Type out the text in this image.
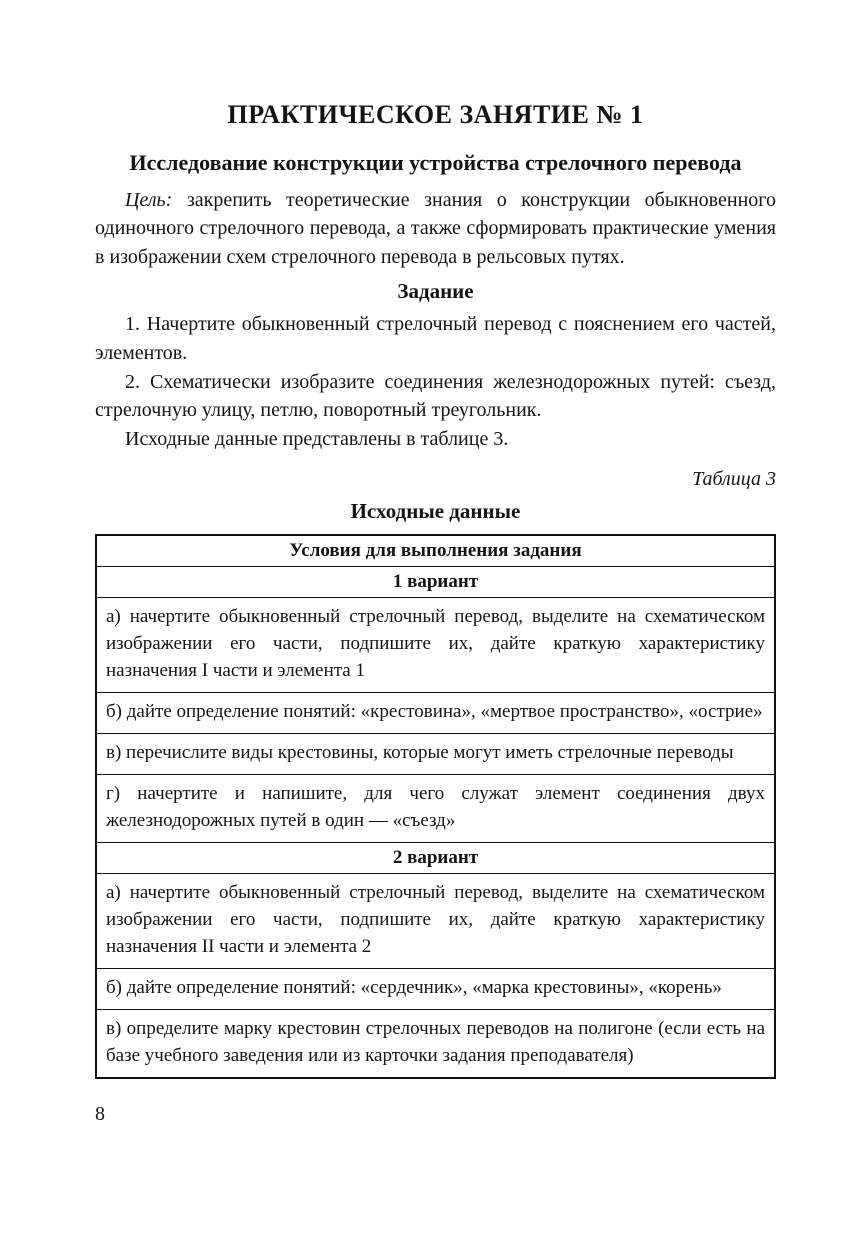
ПРАКТИЧЕСКОЕ ЗАНЯТИЕ № 1
Исследование конструкции устройства стрелочного перевода

Цель: закрепить теоретические знания о конструкции обыкновенного одиночного стрелочного перевода, а также сформировать практические умения в изображении схем стрелочного перевода в рельсовых путях.

Задание

1. Начертите обыкновенный стрелочный перевод с пояснением его частей, элементов.

2. Схематически изобразите соединения железнодорожных путей: съезд, стрелочную улицу, петлю, поворотный треугольник.

Исходные данные представлены в таблице 3.

Таблица 3

Исходные данные

Условия для выполнения задания
1 вариант
а) начертите обыкновенный стрелочный перевод, выделите на схематическом изображении его части, подпишите их, дайте краткую характеристику назначения I части и элемента 1
б) дайте определение понятий: «крестовина», «мертвое пространство», «острие»
в) перечислите виды крестовины, которые могут иметь стрелочные переводы
г) начертите и напишите, для чего служат элемент соединения двух железнодорожных путей в один — «съезд»
2 вариант
а) начертите обыкновенный стрелочный перевод, выделите на схематическом изображении его части, подпишите их, дайте краткую характеристику назначения II части и элемента 2
б) дайте определение понятий: «сердечник», «марка крестовины», «корень»
в) определите марку крестовин стрелочных переводов на полигоне (если есть на базе учебного заведения или из карточки задания преподавателя)

8
